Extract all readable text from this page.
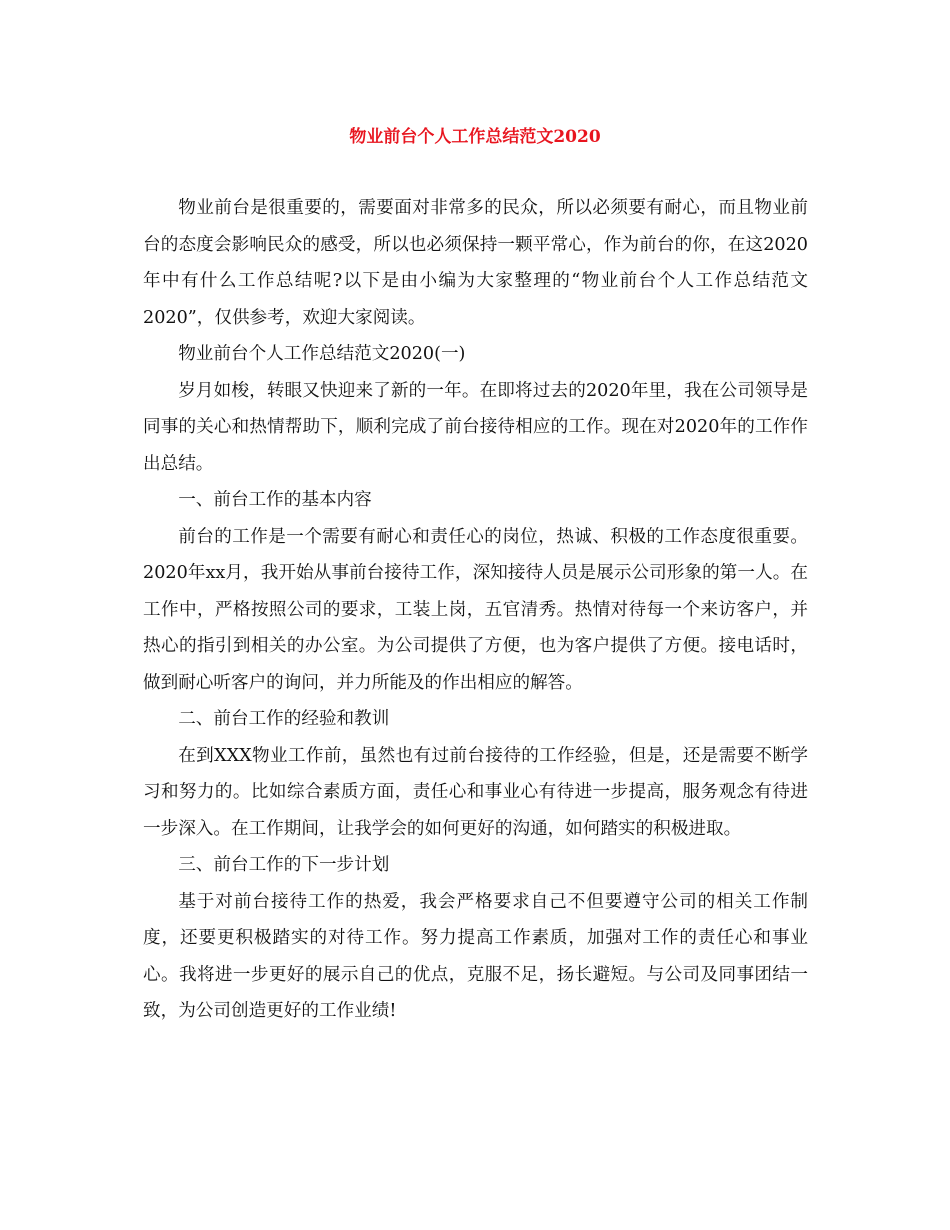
物业前台个人工作总结范文2020

物业前台是很重要的，需要面对非常多的民众，所以必须要有耐心，而且物业前台的态度会影响民众的感受，所以也必须保持一颗平常心，作为前台的你，在这2020年中有什么工作总结呢?以下是由小编为大家整理的“物业前台个人工作总结范文2020”，仅供参考，欢迎大家阅读。

物业前台个人工作总结范文2020(一)

岁月如梭，转眼又快迎来了新的一年。在即将过去的2020年里，我在公司领导是同事的关心和热情帮助下，顺利完成了前台接待相应的工作。现在对2020年的工作作出总结。

一、前台工作的基本内容

前台的工作是一个需要有耐心和责任心的岗位，热诚、积极的工作态度很重要。2020年xx月，我开始从事前台接待工作，深知接待人员是展示公司形象的第一人。在工作中，严格按照公司的要求，工装上岗，五官清秀。热情对待每一个来访客户，并热心的指引到相关的办公室。为公司提供了方便，也为客户提供了方便。接电话时，做到耐心听客户的询问，并力所能及的作出相应的解答。

二、前台工作的经验和教训

在到XXX物业工作前，虽然也有过前台接待的工作经验，但是，还是需要不断学习和努力的。比如综合素质方面，责任心和事业心有待进一步提高，服务观念有待进一步深入。在工作期间，让我学会的如何更好的沟通，如何踏实的积极进取。

三、前台工作的下一步计划

基于对前台接待工作的热爱，我会严格要求自己不但要遵守公司的相关工作制度，还要更积极踏实的对待工作。努力提高工作素质，加强对工作的责任心和事业心。我将进一步更好的展示自己的优点，克服不足，扬长避短。与公司及同事团结一致，为公司创造更好的工作业绩!
